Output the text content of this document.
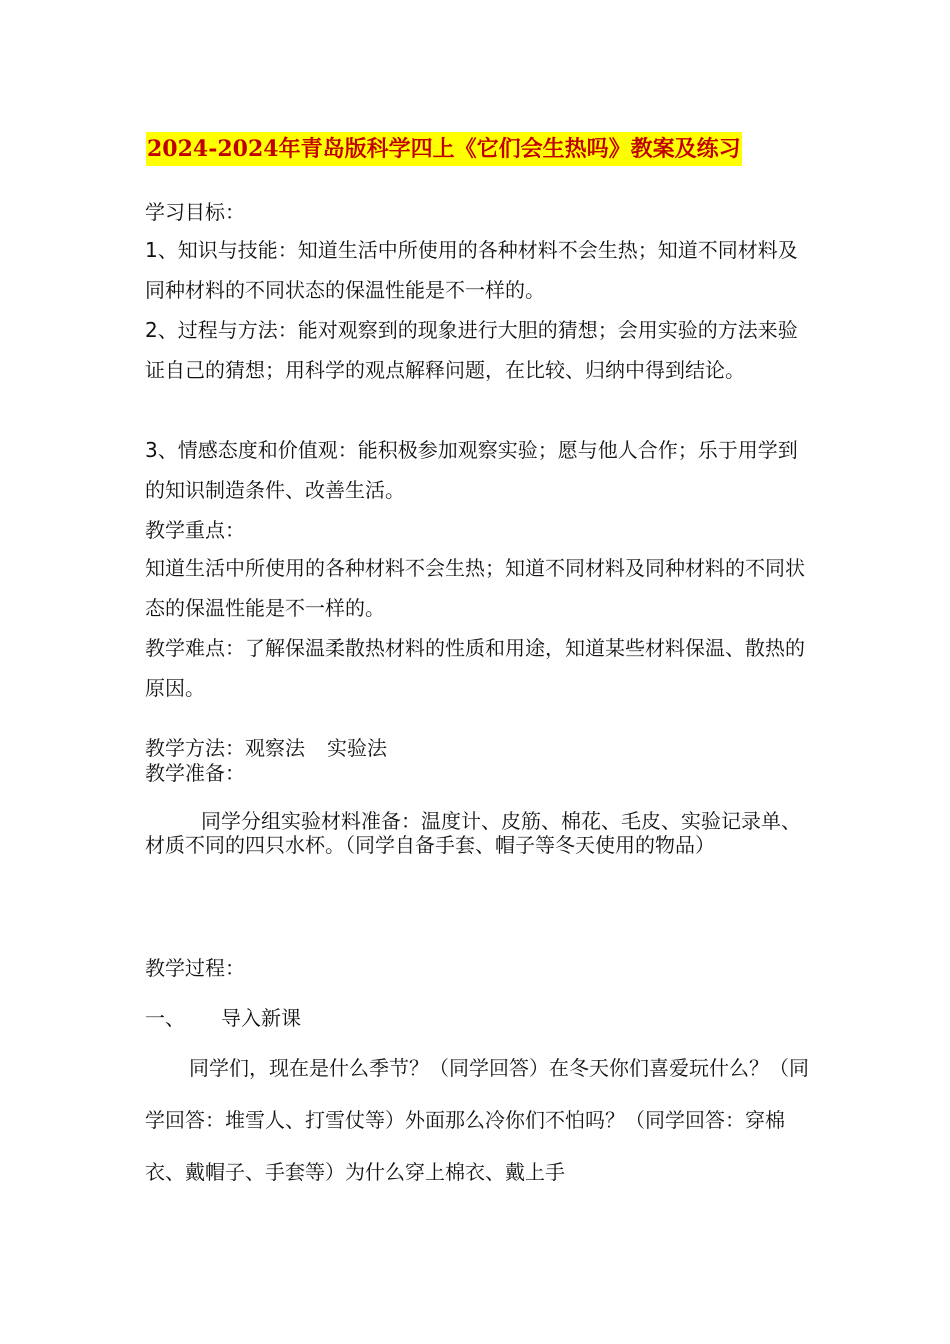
2024-2024年青岛版科学四上《它们会生热吗》教案及练习

学习目标：

1、知识与技能：知道生活中所使用的各种材料不会生热；知道不同材料及同种材料的不同状态的保温性能是不一样的。

2、过程与方法：能对观察到的现象进行大胆的猜想；会用实验的方法来验证自己的猜想；用科学的观点解释问题，在比较、归纳中得到结论。

3、情感态度和价值观：能积极参加观察实验；愿与他人合作；乐于用学到的知识制造条件、改善生活。

教学重点：

知道生活中所使用的各种材料不会生热；知道不同材料及同种材料的不同状态的保温性能是不一样的。

教学难点：了解保温柔散热材料的性质和用途，知道某些材料保温、散热的原因。

教学方法：观察法 实验法

教学准备：

同学分组实验材料准备：温度计、皮筋、棉花、毛皮、实验记录单、材质不同的四只水杯。（同学自备手套、帽子等冬天使用的物品）

教学过程：

一、 导入新课

同学们，现在是什么季节？（同学回答）在冬天你们喜爱玩什么？（同学回答：堆雪人、打雪仗等）外面那么冷你们不怕吗？（同学回答：穿棉衣、戴帽子、手套等）为什么穿上棉衣、戴上手
